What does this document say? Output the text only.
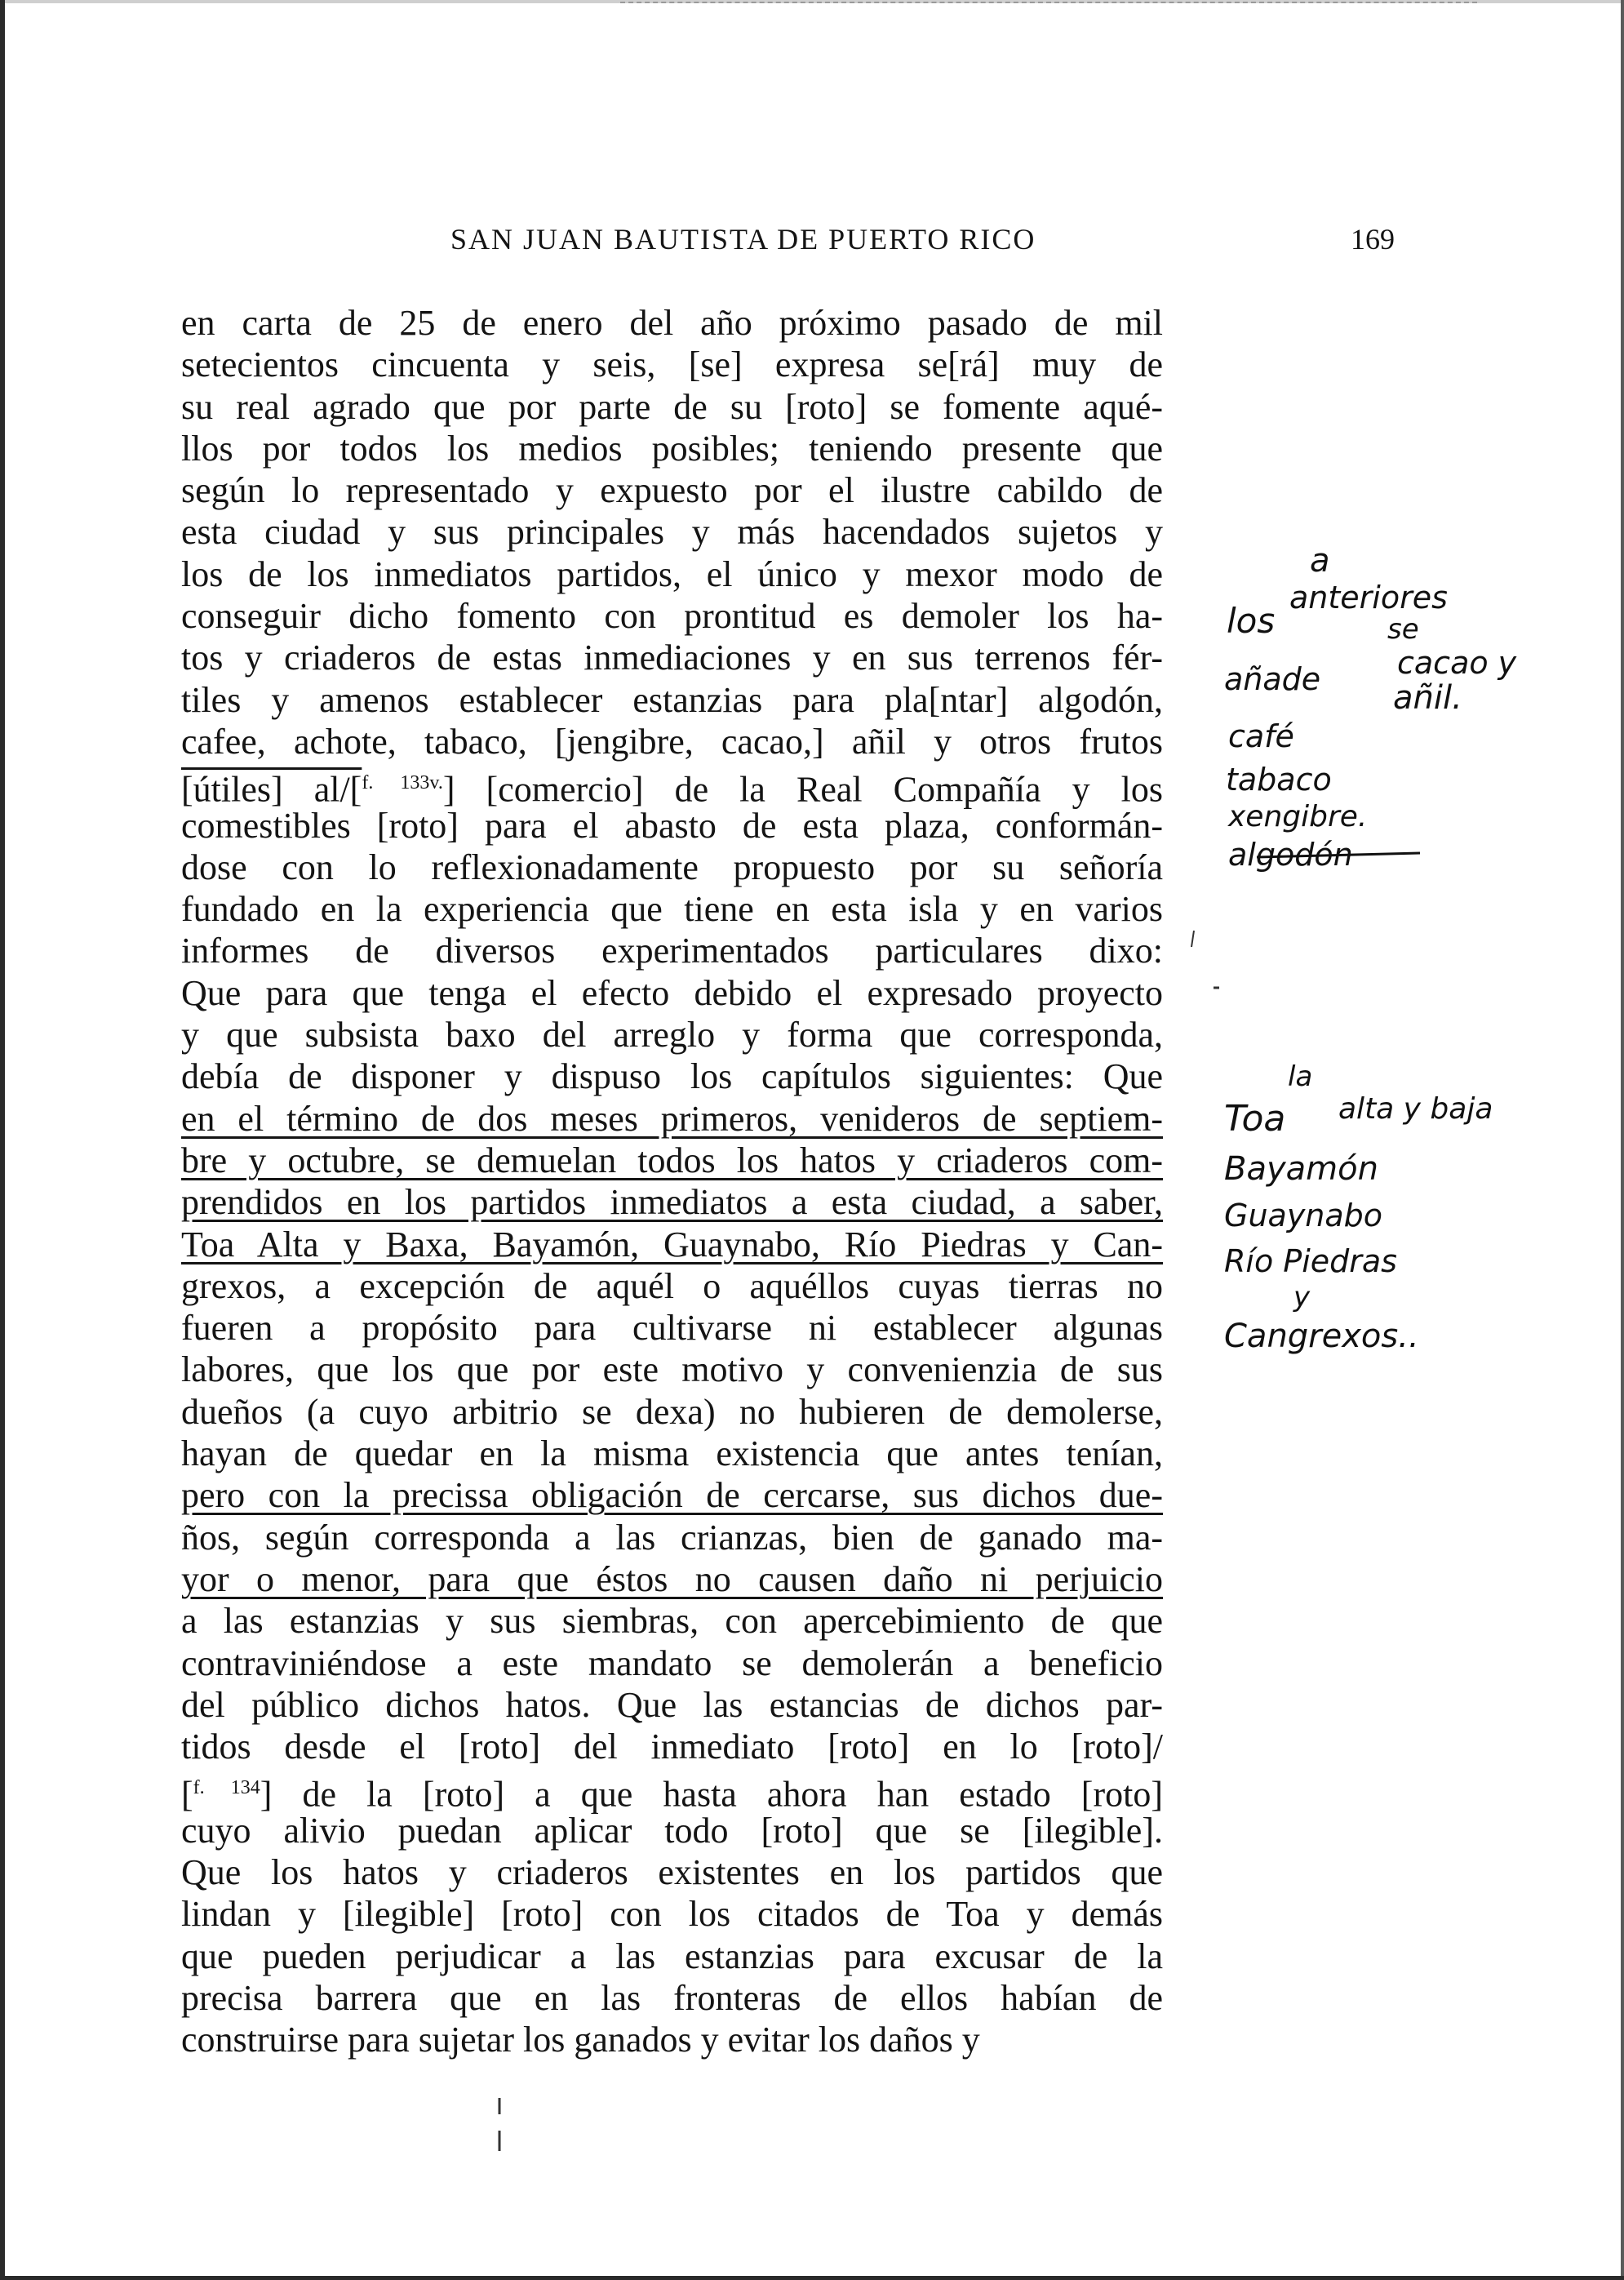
SAN JUAN BAUTISTA DE PUERTO RICO	169
en carta de 25 de enero del año próximo pasado de mil
setecientos cincuenta y seis, [se] expresa se[rá] muy de
su real agrado que por parte de su [roto] se fomente aqué-
llos por todos los medios posibles; teniendo presente que
según lo representado y expuesto por el ilustre cabildo de
esta ciudad y sus principales y más hacendados sujetos y
los de los inmediatos partidos, el único y mexor modo de
conseguir dicho fomento con prontitud es demoler los ha-
tos y criaderos de estas inmediaciones y en sus terrenos fér-
tiles y amenos establecer estanzias para pla[ntar] algodón,
cafee, achote, tabaco, [jengibre, cacao,] añil y otros frutos
[útiles] al/[$^{f. 133v.}$] [comercio] de la Real Compañía y los
comestibles [roto] para el abasto de esta plaza, conformán-
dose con lo reflexionadamente propuesto por su señoría
fundado en la experiencia que tiene en esta isla y en varios
informes de diversos experimentados particulares dixo:
Que para que tenga el efecto debido el expresado proyecto
y que subsista baxo del arreglo y forma que corresponda,
debía de disponer y dispuso los capítulos siguientes: Que
en el término de dos meses primeros, venideros de septiem-
bre y octubre, se demuelan todos los hatos y criaderos com-
prendidos en los partidos inmediatos a esta ciudad, a saber,
Toa Alta y Baxa, Bayamón, Guaynabo, Río Piedras y Can-
grexos, a excepción de aquél o aquéllos cuyas tierras no
fueren a propósito para cultivarse ni establecer algunas
labores, que los que por este motivo y convenienzia de sus
dueños (a cuyo arbitrio se dexa) no hubieren de demolerse,
hayan de quedar en la misma existencia que antes tenían,
pero con la precissa obligación de cercarse, sus dichos due-
ños, según corresponda a las crianzas, bien de ganado ma-
yor o menor, para que éstos no causen daño ni perjuicio
a las estanzias y sus siembras, con apercebimiento de que
contraviniéndose a este mandato se demolerán a beneficio
del público dichos hatos. Que las estancias de dichos par-
tidos desde el [roto] del inmediato [roto] en lo [roto]/
[$^{f. 134}$] de la [roto] a que hasta ahora han estado [roto]
cuyo alivio puedan aplicar todo [roto] que se [ilegible].
Que los hatos y criaderos existentes en los partidos que
lindan y [ilegible] [roto] con los citados de Toa y demás
que pueden perjudicar a las estanzias para excusar de la
precisa barrera que en las fronteras de ellos habían de
construirse para sujetar los ganados y evitar los daños y
a
los
anteriores
se
cacao y
añade añil.
café
tabaco
xengibre.
algodón
la
Toa alta y baja
Bayamón
Guaynabo
Río Piedras
y
Cangrexos..
